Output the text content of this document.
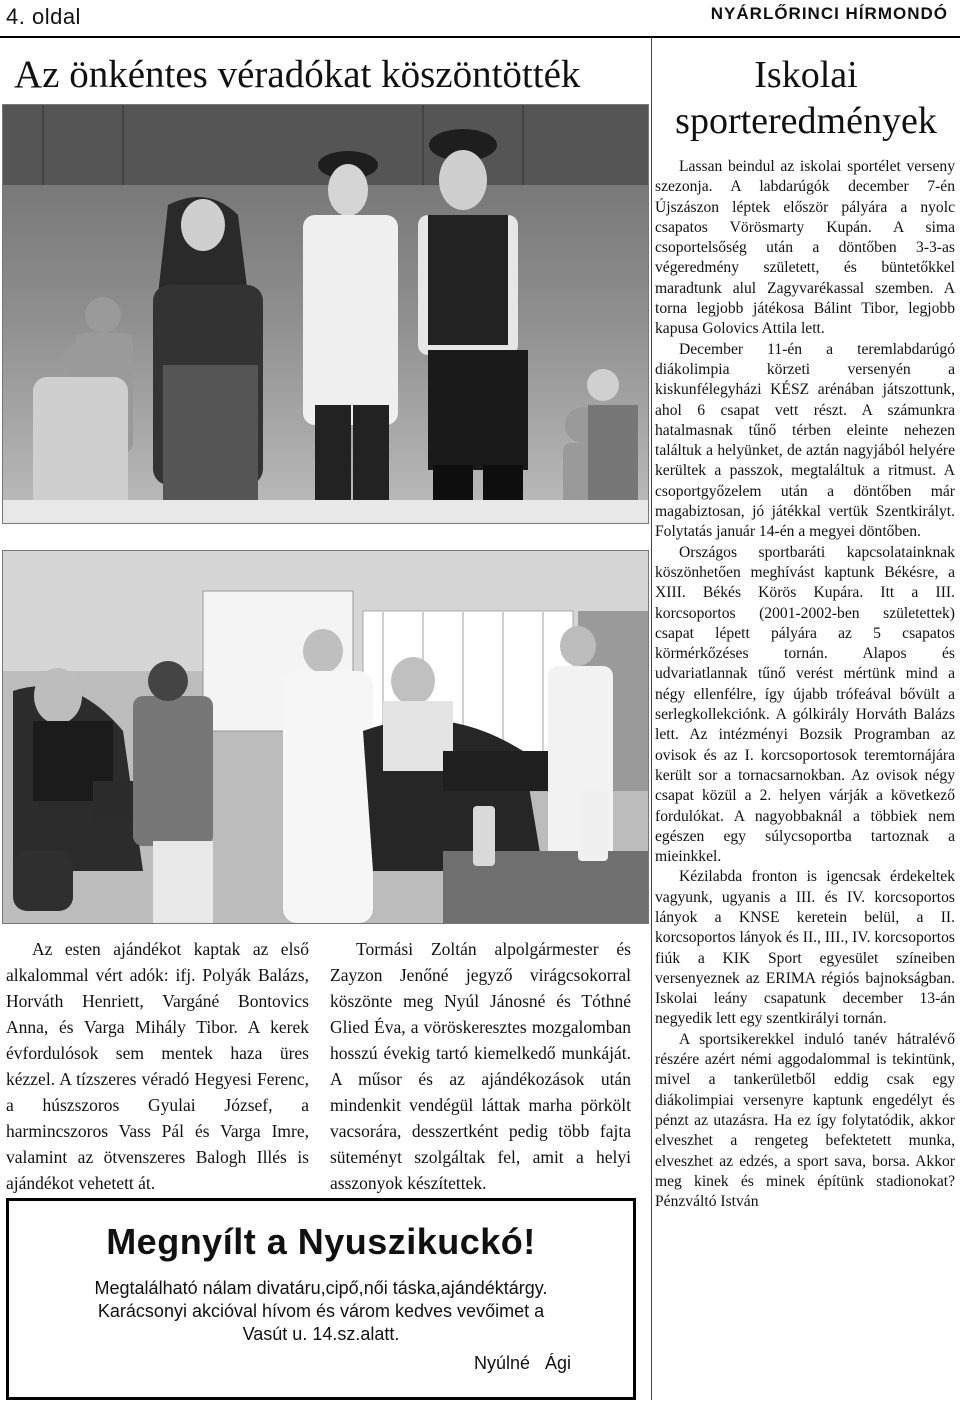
4. oldal	NYÁRLŐRINCI HÍRMONDÓ
Az önkéntes véradókat köszöntötték

Az esten ajándékot kaptak az első alkalommal vért adók: ifj. Polyák Balázs, Horváth Henriett, Vargáné Bontovics Anna, és Varga Mihály Tibor. A kerek évfordulósok sem mentek haza üres kézzel. A tízszeres véradó Hegyesi Ferenc, a húszszoros Gyulai József, a harmincszoros Vass Pál és Varga Imre, valamint az ötvenszeres Balogh Illés is ajándékot vehetett át.

Tormási Zoltán alpolgármester és Zayzon Jenőné jegyző virágcsokorral köszönte meg Nyúl Jánosné és Tóthné Glied Éva, a vöröskeresztes mozgalomban hosszú évekig tartó kiemelkedő munkáját. A műsor és az ajándékozások után mindenkit vendégül láttak marha pörkölt vacsorára, desszertként pedig több fajta süteményt szolgáltak fel, amit a helyi asszonyok készítettek.

Megnyílt a Nyuszikuckó!
Megtalálható nálam divatáru,cipő,női táska,ajándéktárgy.
Karácsonyi akcióval hívom és várom kedves vevőimet a
Vasút u. 14.sz.alatt.
Nyúlné Ági
Iskolai sporteredmények

Lassan beindul az iskolai sportélet verseny szezonja. A labdarúgók december 7-én Újszászon léptek először pályára a nyolc csapatos Vörösmarty Kupán. A sima csoportelsőség után a döntőben 3-3-as végeredmény született, és büntetőkkel maradtunk alul Zagyvarékassal szemben. A torna legjobb játékosa Bálint Tibor, legjobb kapusa Golovics Attila lett.

December 11-én a teremlabdarúgó diákolimpia körzeti versenyén a kiskunfélegyházi KÉSZ arénában játszottunk, ahol 6 csapat vett részt. A számunkra hatalmasnak tűnő térben eleinte nehezen találtuk a helyünket, de aztán nagyjából helyére kerültek a passzok, megtaláltuk a ritmust. A csoportgyőzelem után a döntőben már magabiztosan, jó játékkal vertük Szentkirályt. Folytatás január 14-én a megyei döntőben.

Országos sportbaráti kapcsolatainknak köszönhetően meghívást kaptunk Békésre, a XIII. Békés Körös Kupára. Itt a III. korcsoportos (2001-2002-ben születettek) csapat lépett pályára az 5 csapatos körmérkőzéses tornán. Alapos és udvariatlannak tűnő verést mértünk mind a négy ellenfélre, így újabb trófeával bővült a serlegkollekciónk. A gólkirály Horváth Balázs lett. Az intézményi Bozsik Programban az ovisok és az I. korcsoportosok teremtornájára került sor a tornacsarnokban. Az ovisok négy csapat közül a 2. helyen várják a következő fordulókat. A nagyobbaknál a többiek nem egészen egy súlycsoportba tartoznak a mieinkkel.

Kézilabda fronton is igencsak érdekeltek vagyunk, ugyanis a III. és IV. korcsoportos lányok a KNSE keretein belül, a II. korcsoportos lányok és II., III., IV. korcsoportos fiúk a KIK Sport egyesület színeiben versenyeznek az ERIMA régiós bajnokságban. Iskolai leány csapatunk december 13-án negyedik lett egy szentkirályi tornán.

A sportsikerekkel induló tanév hátralévő részére azért némi aggodalommal is tekintünk, mivel a tankerületből eddig csak egy diákolimpiai versenyre kaptunk engedélyt és pénzt az utazásra. Ha ez így folytatódik, akkor elveszhet a rengeteg befektetett munka, elveszhet az edzés, a sport sava, borsa. Akkor meg kinek és minek építünk stadionokat? Pénzváltó István
